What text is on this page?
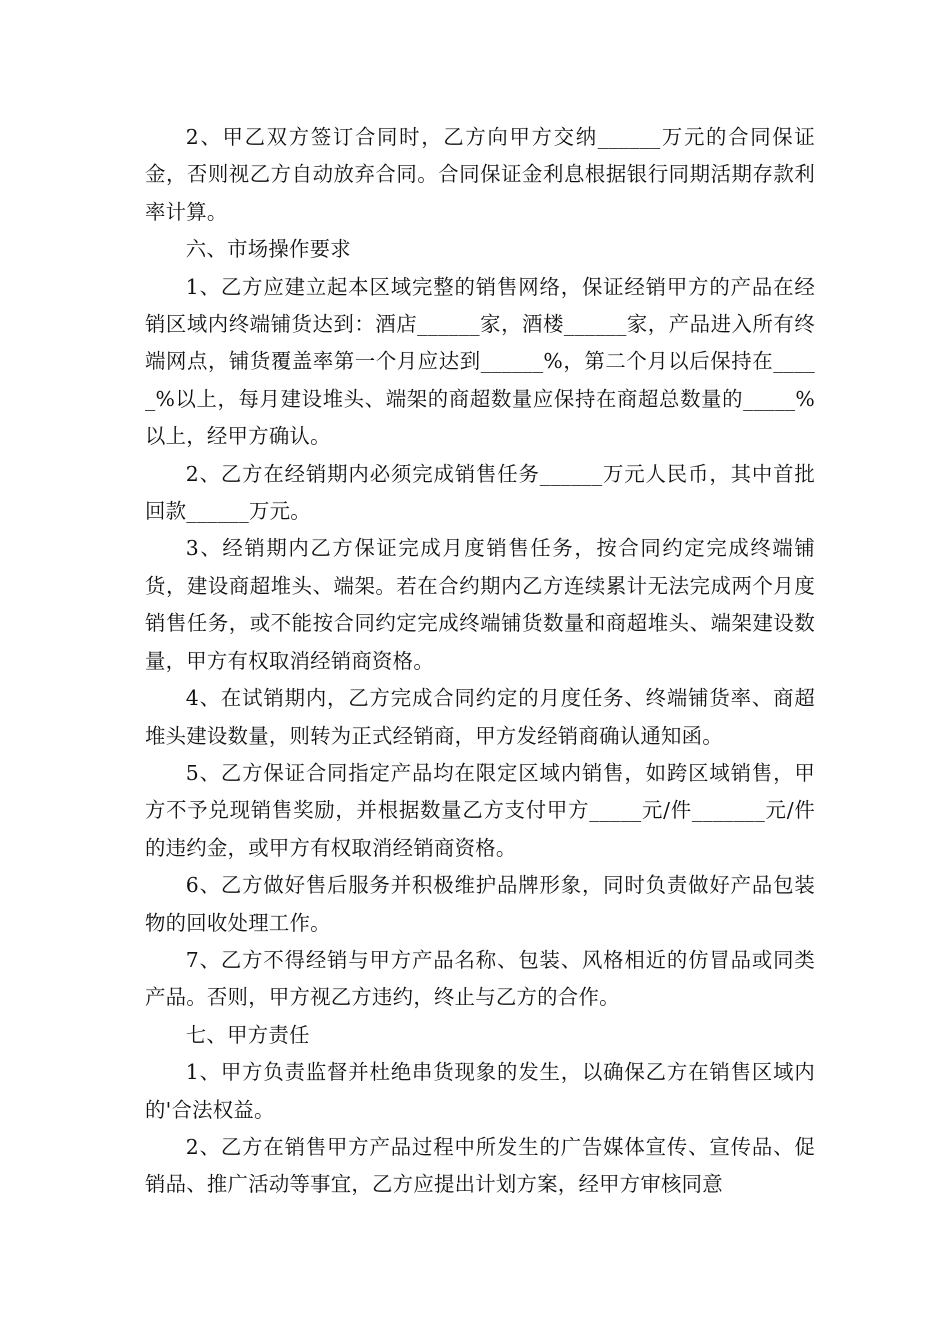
2、甲乙双方签订合同时，乙方向甲方交纳______万元的合同保证金，否则视乙方自动放弃合同。合同保证金利息根据银行同期活期存款利率计算。

六、市场操作要求

1、乙方应建立起本区域完整的销售网络，保证经销甲方的产品在经销区域内终端铺货达到：酒店______家，酒楼______家，产品进入所有终端网点，铺货覆盖率第一个月应达到______%，第二个月以后保持在_____%以上，每月建设堆头、端架的商超数量应保持在商超总数量的_____%以上，经甲方确认。

2、乙方在经销期内必须完成销售任务______万元人民币，其中首批回款______万元。

3、经销期内乙方保证完成月度销售任务，按合同约定完成终端铺货，建设商超堆头、端架。若在合约期内乙方连续累计无法完成两个月度销售任务，或不能按合同约定完成终端铺货数量和商超堆头、端架建设数量，甲方有权取消经销商资格。

4、在试销期内，乙方完成合同约定的月度任务、终端铺货率、商超堆头建设数量，则转为正式经销商，甲方发经销商确认通知函。

5、乙方保证合同指定产品均在限定区域内销售，如跨区域销售，甲方不予兑现销售奖励，并根据数量乙方支付甲方_____元/件_______元/件的违约金，或甲方有权取消经销商资格。

6、乙方做好售后服务并积极维护品牌形象，同时负责做好产品包装物的回收处理工作。

7、乙方不得经销与甲方产品名称、包装、风格相近的仿冒品或同类产品。否则，甲方视乙方违约，终止与乙方的合作。

七、甲方责任

1、甲方负责监督并杜绝串货现象的发生，以确保乙方在销售区域内的'合法权益。

2、乙方在销售甲方产品过程中所发生的广告媒体宣传、宣传品、促销品、推广活动等事宜，乙方应提出计划方案，经甲方审核同意
